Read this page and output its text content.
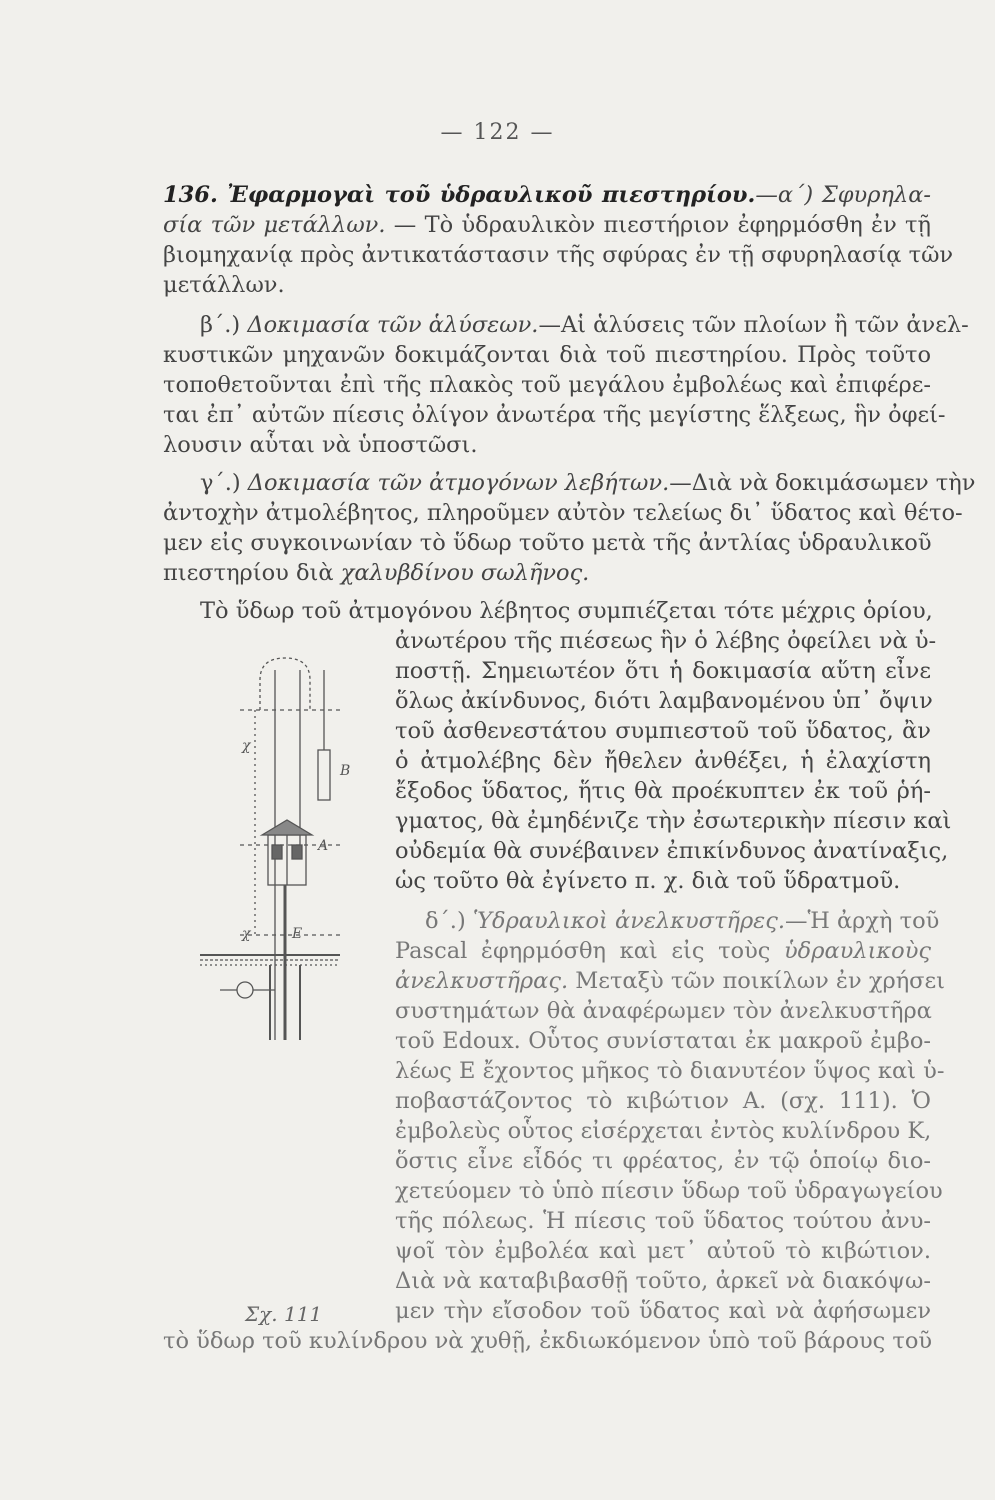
— 122 —
136. Ἐφαρμογαὶ τοῦ ὑδραυλικοῦ πιεστηρίου.—α΄) Σφυρηλα-
σία τῶν μετάλλων. — Τὸ ὑδραυλικὸν πιεστήριον ἐφηρμόσθη ἐν τῇ
βιομηχανίᾳ πρὸς ἀντικατάστασιν τῆς σφύρας ἐν τῇ σφυρηλασίᾳ τῶν
μετάλλων.
β΄.) Δοκιμασία τῶν ἁλύσεων.—Αἱ ἁλύσεις τῶν πλοίων ἢ τῶν ἀνελ-
κυστικῶν μηχανῶν δοκιμάζονται διὰ τοῦ πιεστηρίου. Πρὸς τοῦτο
τοποθετοῦνται ἐπὶ τῆς πλακὸς τοῦ μεγάλου ἐμβολέως καὶ ἐπιφέρε-
ται ἐπ᾽ αὐτῶν πίεσις ὀλίγον ἀνωτέρα τῆς μεγίστης ἕλξεως, ἣν ὀφεί-
λουσιν αὗται νὰ ὑποστῶσι.
γ΄.) Δοκιμασία τῶν ἀτμογόνων λεβήτων.—Διὰ νὰ δοκιμάσωμεν τὴν
ἀντοχὴν ἀτμολέβητος, πληροῦμεν αὐτὸν τελείως δι᾽ ὕδατος καὶ θέτο-
μεν εἰς συγκοινωνίαν τὸ ὕδωρ τοῦτο μετὰ τῆς ἀντλίας ὑδραυλικοῦ
πιεστηρίου διὰ χαλυβδίνου σωλῆνος.
Τὸ ὕδωρ τοῦ ἀτμογόνου λέβητος συμπιέζεται τότε μέχρις ὁρίου,
ἀνωτέρου τῆς πιέσεως ἣν ὁ λέβης ὀφείλει νὰ ὑ-
ποστῇ. Σημειωτέον ὅτι ἡ δοκιμασία αὕτη εἶνε
ὅλως ἀκίνδυνος, διότι λαμβανομένου ὑπ᾽ ὄψιν
τοῦ ἀσθενεστάτου συμπιεστοῦ τοῦ ὕδατος, ἂν
ὁ ἀτμολέβης δὲν ἤθελεν ἀνθέξει, ἡ ἐλαχίστη
ἔξοδος ὕδατος, ἥτις θὰ προέκυπτεν ἐκ τοῦ ῥή-
γματος, θὰ ἐμηδένιζε τὴν ἐσωτερικὴν πίεσιν καὶ
οὐδεμία θὰ συνέβαινεν ἐπικίνδυνος ἀνατίναξις,
ὡς τοῦτο θὰ ἐγίνετο π. χ. διὰ τοῦ ὕδρατμοῦ.
δ΄.) Ὑδραυλικοὶ ἀνελκυστῆρες.—Ἡ ἀρχὴ τοῦ
Pascal ἐφηρμόσθη καὶ εἰς τοὺς ὑδραυλικοὺς
ἀνελκυστῆρας. Μεταξὺ τῶν ποικίλων ἐν χρήσει
συστημάτων θὰ ἀναφέρωμεν τὸν ἀνελκυστῆρα
τοῦ Edoux. Οὗτος συνίσταται ἐκ μακροῦ ἐμβο-
λέως Ε ἔχοντος μῆκος τὸ διανυτέον ὕψος καὶ ὑ-
ποβαστάζοντος τὸ κιβώτιον Α. (σχ. 111). Ὁ
ἐμβολεὺς οὗτος εἰσέρχεται ἐντὸς κυλίνδρου Κ,
ὅστις εἶνε εἶδός τι φρέατος, ἐν τῷ ὁποίῳ διο-
χετεύομεν τὸ ὑπὸ πίεσιν ὕδωρ τοῦ ὑδραγωγείου
τῆς πόλεως. Ἡ πίεσις τοῦ ὕδατος τούτου ἀνυ-
ψοῖ τὸν ἐμβολέα καὶ μετ᾽ αὐτοῦ τὸ κιβώτιον.
Διὰ νὰ καταβιβασθῇ τοῦτο, ἀρκεῖ νὰ διακόψω-
μεν τὴν εἴσοδον τοῦ ὕδατος καὶ νὰ ἀφήσωμεν
τὸ ὕδωρ τοῦ κυλίνδρου νὰ χυθῇ, ἐκδιωκόμενον ὑπὸ τοῦ βάρους τοῦ
χ
Β
Α
χ	Ε
Σχ. 111
